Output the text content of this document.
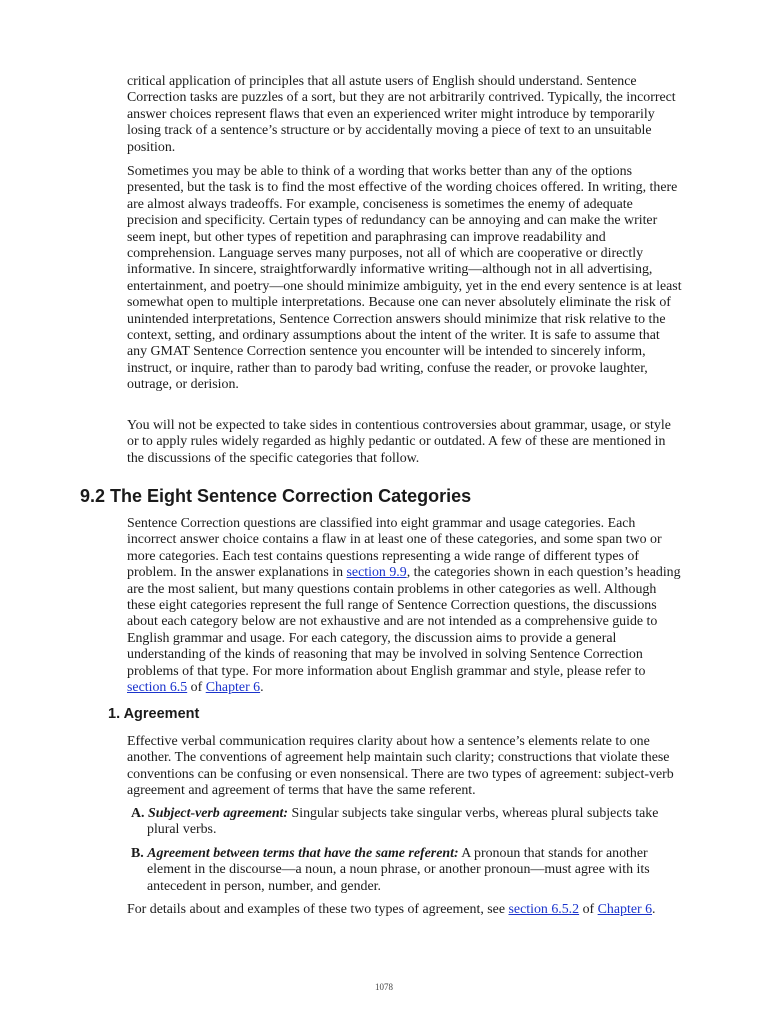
critical application of principles that all astute users of English should understand. Sentence Correction tasks are puzzles of a sort, but they are not arbitrarily contrived. Typically, the incorrect answer choices represent flaws that even an experienced writer might introduce by temporarily losing track of a sentence’s structure or by accidentally moving a piece of text to an unsuitable position.

Sometimes you may be able to think of a wording that works better than any of the options presented, but the task is to find the most effective of the wording choices offered. In writing, there are almost always tradeoffs. For example, conciseness is sometimes the enemy of adequate precision and specificity. Certain types of redundancy can be annoying and can make the writer seem inept, but other types of repetition and paraphrasing can improve readability and comprehension. Language serves many purposes, not all of which are cooperative or directly informative. In sincere, straightforwardly informative writing—although not in all advertising, entertainment, and poetry—one should minimize ambiguity, yet in the end every sentence is at least somewhat open to multiple interpretations. Because one can never absolutely eliminate the risk of unintended interpretations, Sentence Correction answers should minimize that risk relative to the context, setting, and ordinary assumptions about the intent of the writer. It is safe to assume that any GMAT Sentence Correction sentence you encounter will be intended to sincerely inform, instruct, or inquire, rather than to parody bad writing, confuse the reader, or provoke laughter, outrage, or derision.

You will not be expected to take sides in contentious controversies about grammar, usage, or style or to apply rules widely regarded as highly pedantic or outdated. A few of these are mentioned in the discussions of the specific categories that follow.

9.2 The Eight Sentence Correction Categories

Sentence Correction questions are classified into eight grammar and usage categories. Each incorrect answer choice contains a flaw in at least one of these categories, and some span two or more categories. Each test contains questions representing a wide range of different types of problem. In the answer explanations in section 9.9, the categories shown in each question’s heading are the most salient, but many questions contain problems in other categories as well. Although these eight categories represent the full range of Sentence Correction questions, the discussions about each category below are not exhaustive and are not intended as a comprehensive guide to English grammar and usage. For each category, the discussion aims to provide a general understanding of the kinds of reasoning that may be involved in solving Sentence Correction problems of that type. For more information about English grammar and style, please refer to section 6.5 of Chapter 6.

1. Agreement

Effective verbal communication requires clarity about how a sentence’s elements relate to one another. The conventions of agreement help maintain such clarity; constructions that violate these conventions can be confusing or even nonsensical. There are two types of agreement: subject-verb agreement and agreement of terms that have the same referent.

A. Subject-verb agreement: Singular subjects take singular verbs, whereas plural subjects take plural verbs.

B. Agreement between terms that have the same referent: A pronoun that stands for another element in the discourse—a noun, a noun phrase, or another pronoun—must agree with its antecedent in person, number, and gender.

For details about and examples of these two types of agreement, see section 6.5.2 of Chapter 6.

1078
